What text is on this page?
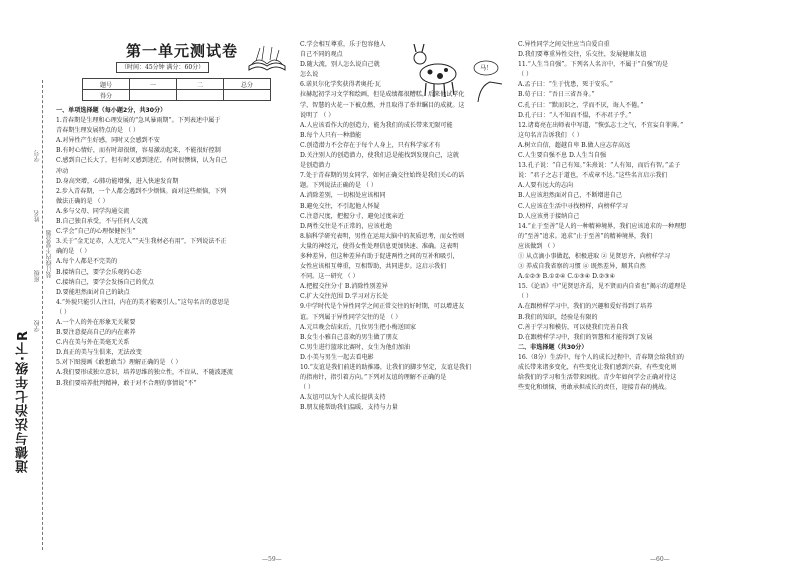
道德与法治七年级·下R
学号
姓名
班级
学校
装订线内不要答题
第一单元测试卷
（时间：45分钟 满分：60分）
题号	一	二	总分
得分			
一、单项选择题（每小题2分，共30分）
1.青春期是生理和心理发展的“急风暴雨期”。下列表述中属于
青春期生理发展特点的是 （ ）
A.对异性产生好感，同时又会感到不安
B.有时心情好，而有时却很烦，容易激动起来，不能很好控制
C.感到自己长大了，但有时又感到迷茫，有时很懊恼，认为自己
冲动
D.身高突增，心肺功能增强，进入快速发育期
2.步入青春期，一个人都会遇到不少烦恼。面对这些烦恼，下列
做法正确的是 （ ）
A.多与父母、同学沟通交流
B.自己独自承受，不与任何人交流
C.学会“自己的心理保健医生”
3.关于“金无足赤，人无完人”“天生我材必有用”，下列说法不正
确的是 （ ）
A.每个人都是不完美的
B.接纳自己，要学会乐观的心态
C.接纳自己，要学会发扬自己的优点
D.要能坦然面对自己的缺点
4.“外貌只能引人注目，内在的美才能吸引人。”这句名言的意思是
（ ）
A.一个人的外在形象无关紧要
B.要注意提高自己的内在素养
C.内在美与外在美毫无关系
D.真正的美与生俱来，无法改变
5.对下图漫画《敢想敢当》理解正确的是 （ ）
A.我们要形成独立意识，培养思维的独立性，不盲从、不随波逐流
B.我们要培养批判精神，敢于对不合理的事情说“不”
C.学会相互尊重，乐于包容他人
自己不同的观点
D.随大流，别人怎么说自己就
怎么说
6.诺贝尔化学奖获得者奥托·瓦
拉赫起初学习文学和绘画，但是成绩都很糟糕，后来他试学化
学，智慧的火花一下被点燃，并且取得了举世瞩目的成就。这
说明了 （ ）
A.人应该看作大的创造力，能为我们的成长带来无限可能
B.每个人只有一种潜能
C.创造潜力不会存在于每个人身上，只有科学家才有
D.关注别人的创造潜力，使我们总是能找到发现自己，这就
是创造潜力
7.处于青春期的男女同学，如何正确交往始终是我们关心的话
题。下列说法正确的是 （ ）
A.消除差别，一切相处应该相同
B.避免交往，不引起他人怀疑
C.注意尺度，把握分寸，避免过度亲近
D.两性交往是不正常的，应该杜绝
8.脑科学研究表明，男性在运用大脑中的灰质思考，而女性则
大量的神经元，使得女性处理信息更加快速、准确。这表明
多种差异，但这种差异有助于促进两性之间的互补和吸引，
女性应该相互尊重，互相帮助，共同进步。这启示我们
不同。这一研究 （ ）
A.把握交往分寸 B.消除性别差异
C.扩大交往范围 D.学习对方长处
9.中学时代是个异性同学之间正常交往的好时期，可以增进友
谊。下列属于异性同学交往的是 （ ）
A.元旦晚会结束后，几位男生把小梅送回家
B.女生小雅自己喜欢的男生做了朋友
C.男生进行篮球比赛时，女生为他们加油
D.小美与男生一起去看电影
10.“友谊是我们前进的助推器，让我们的脚步坚定，友谊是我们
的指南针，指引着方向。”下列对友谊的理解不正确的是
（ ）
A.友谊可以为个人成长提供支持
B.朋友能帮助我们温暖、支持与力量
马！
C.异性同学之间交往应当自爱自重
D.我们要尊重异性交往，乐交往，发展健康友谊
11.“人生当自强”。下列名人名言中，不属于“自强”的是
（ ）
A.孟子曰：“生于忧患，死于安乐。”
B.荀子曰：“吾日三省吾身。”
C.孔子曰：“默而识之，学而不厌，诲人不倦。”
D.孔子曰：“人不知而不愠，不亦君子乎。”
12.诸葛亮在出师表中写道，“恢弘志士之气，不宜妄自菲薄。”
这句名言告诉我们 （ ）
A.树立自信，超越自卑 B.做人应志存高远
C.人生要自强不息 D.人生当自强
13.孔子说：“自己有知。”朱熹说：“人有知，而后有智。”孟子
说：“君子之志于道也，不成章不达。”这些名言启示我们
A.人要有远大的志向
B.人应该坦然面对自己，不断增进自己
C.人应该在生活中寻找榜样，向榜样学习
D.人应该勇于接纳自己
14.“止于至善”是人的一种精神境界，我们应该追求的一种理想
的“至善”追求。追求“止于至善”的精神境界，我们
应该做到 （ ）
① 从点滴小事做起，积极进取 ② 见贤思齐，向榜样学习
③ 养成自我省察的习惯 ④ 既然差异，顺其自然
A.①②③ B.①②④ C.①③④ D.②③④
15.《论语》中“见贤思齐焉，见不贤而内自省也”揭示的道理是
（ ）
A.在跟榜样学习中，我们的兴趣和爱好得到了培养
B.我们的知识，经验是有限的
C.善于学习和模仿，可以使我们完善自我
D.在跟榜样学习中，我们的智慧和才能得到了发展
二、非选择题（共30分）
16.（8分）生活中，每个人的成长过程中，青春期会给我们的
成长带来诸多变化，有些变化让我们感到兴奋，有些变化则
给我们的学习和生活带来困扰。青少年如何学会正确对待这
些变化和烦恼，勇敢承担成长的责任，迎接青春的挑战。
—59—	—60—
